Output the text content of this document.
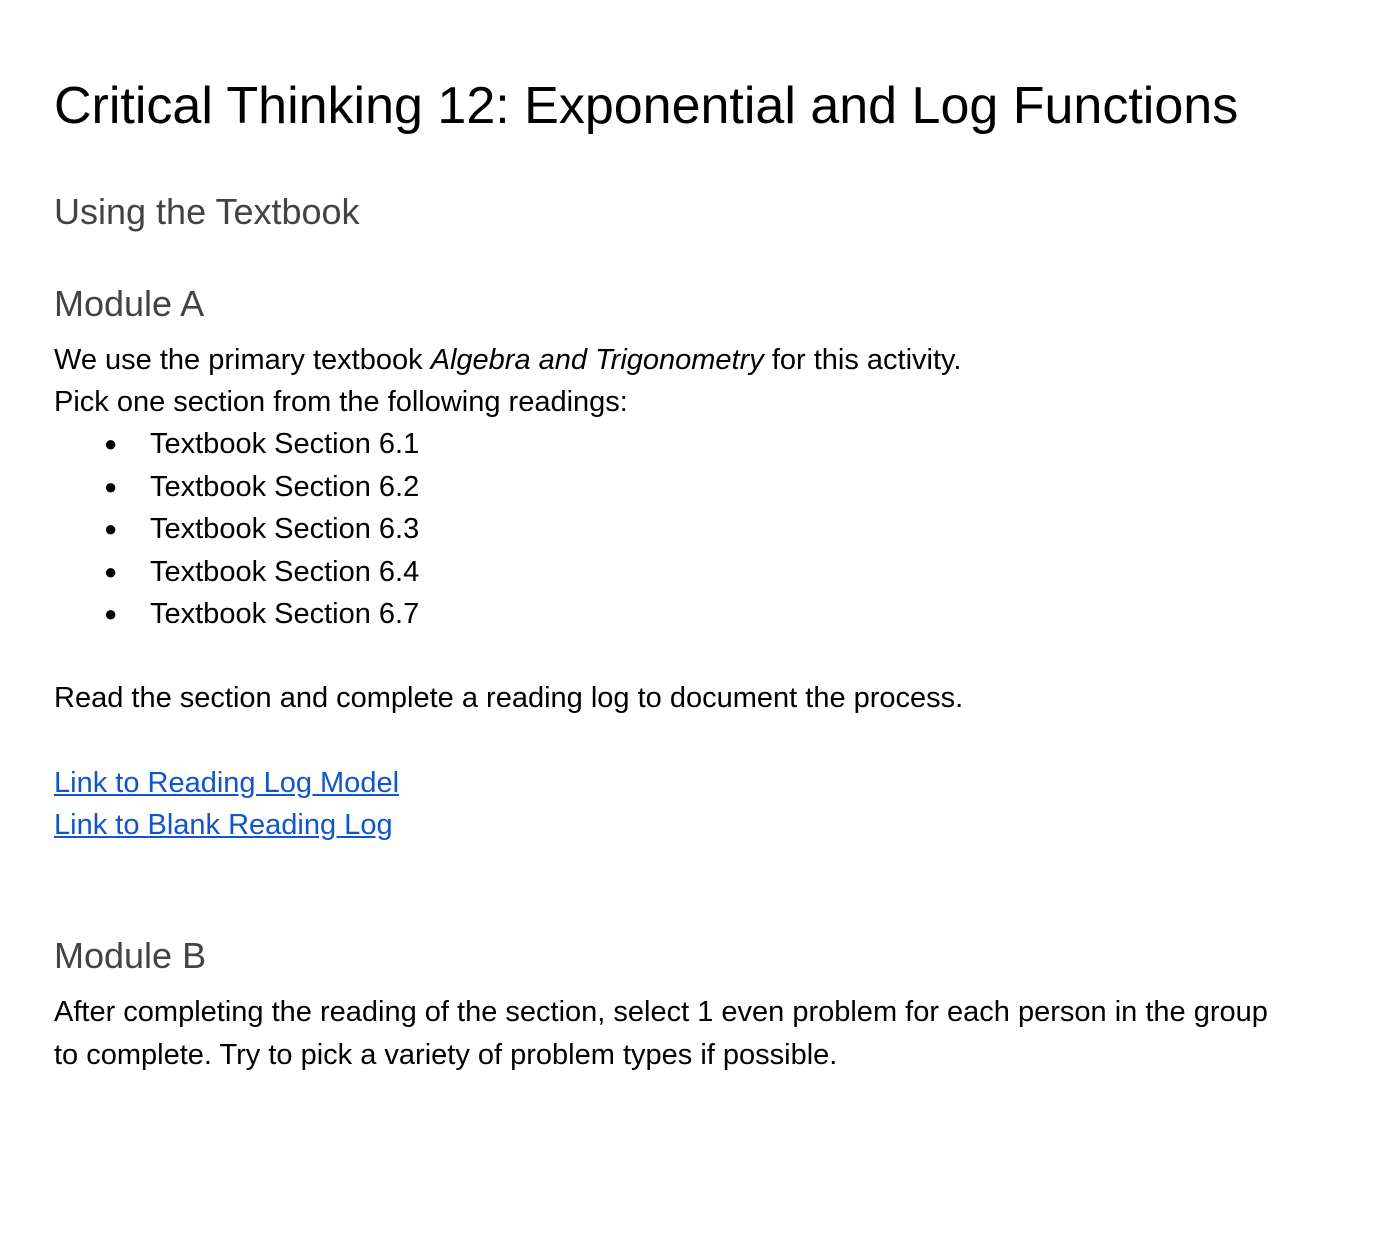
Critical Thinking 12: Exponential and Log Functions
Using the Textbook
Module A

We use the primary textbook Algebra and Trigonometry for this activity.
Pick one section from the following readings:

● Textbook Section 6.1
● Textbook Section 6.2
● Textbook Section 6.3
● Textbook Section 6.4
● Textbook Section 6.7

Read the section and complete a reading log to document the process.

Link to Reading Log Model
Link to Blank Reading Log
Module B

After completing the reading of the section, select 1 even problem for each person in the group to complete. Try to pick a variety of problem types if possible.
